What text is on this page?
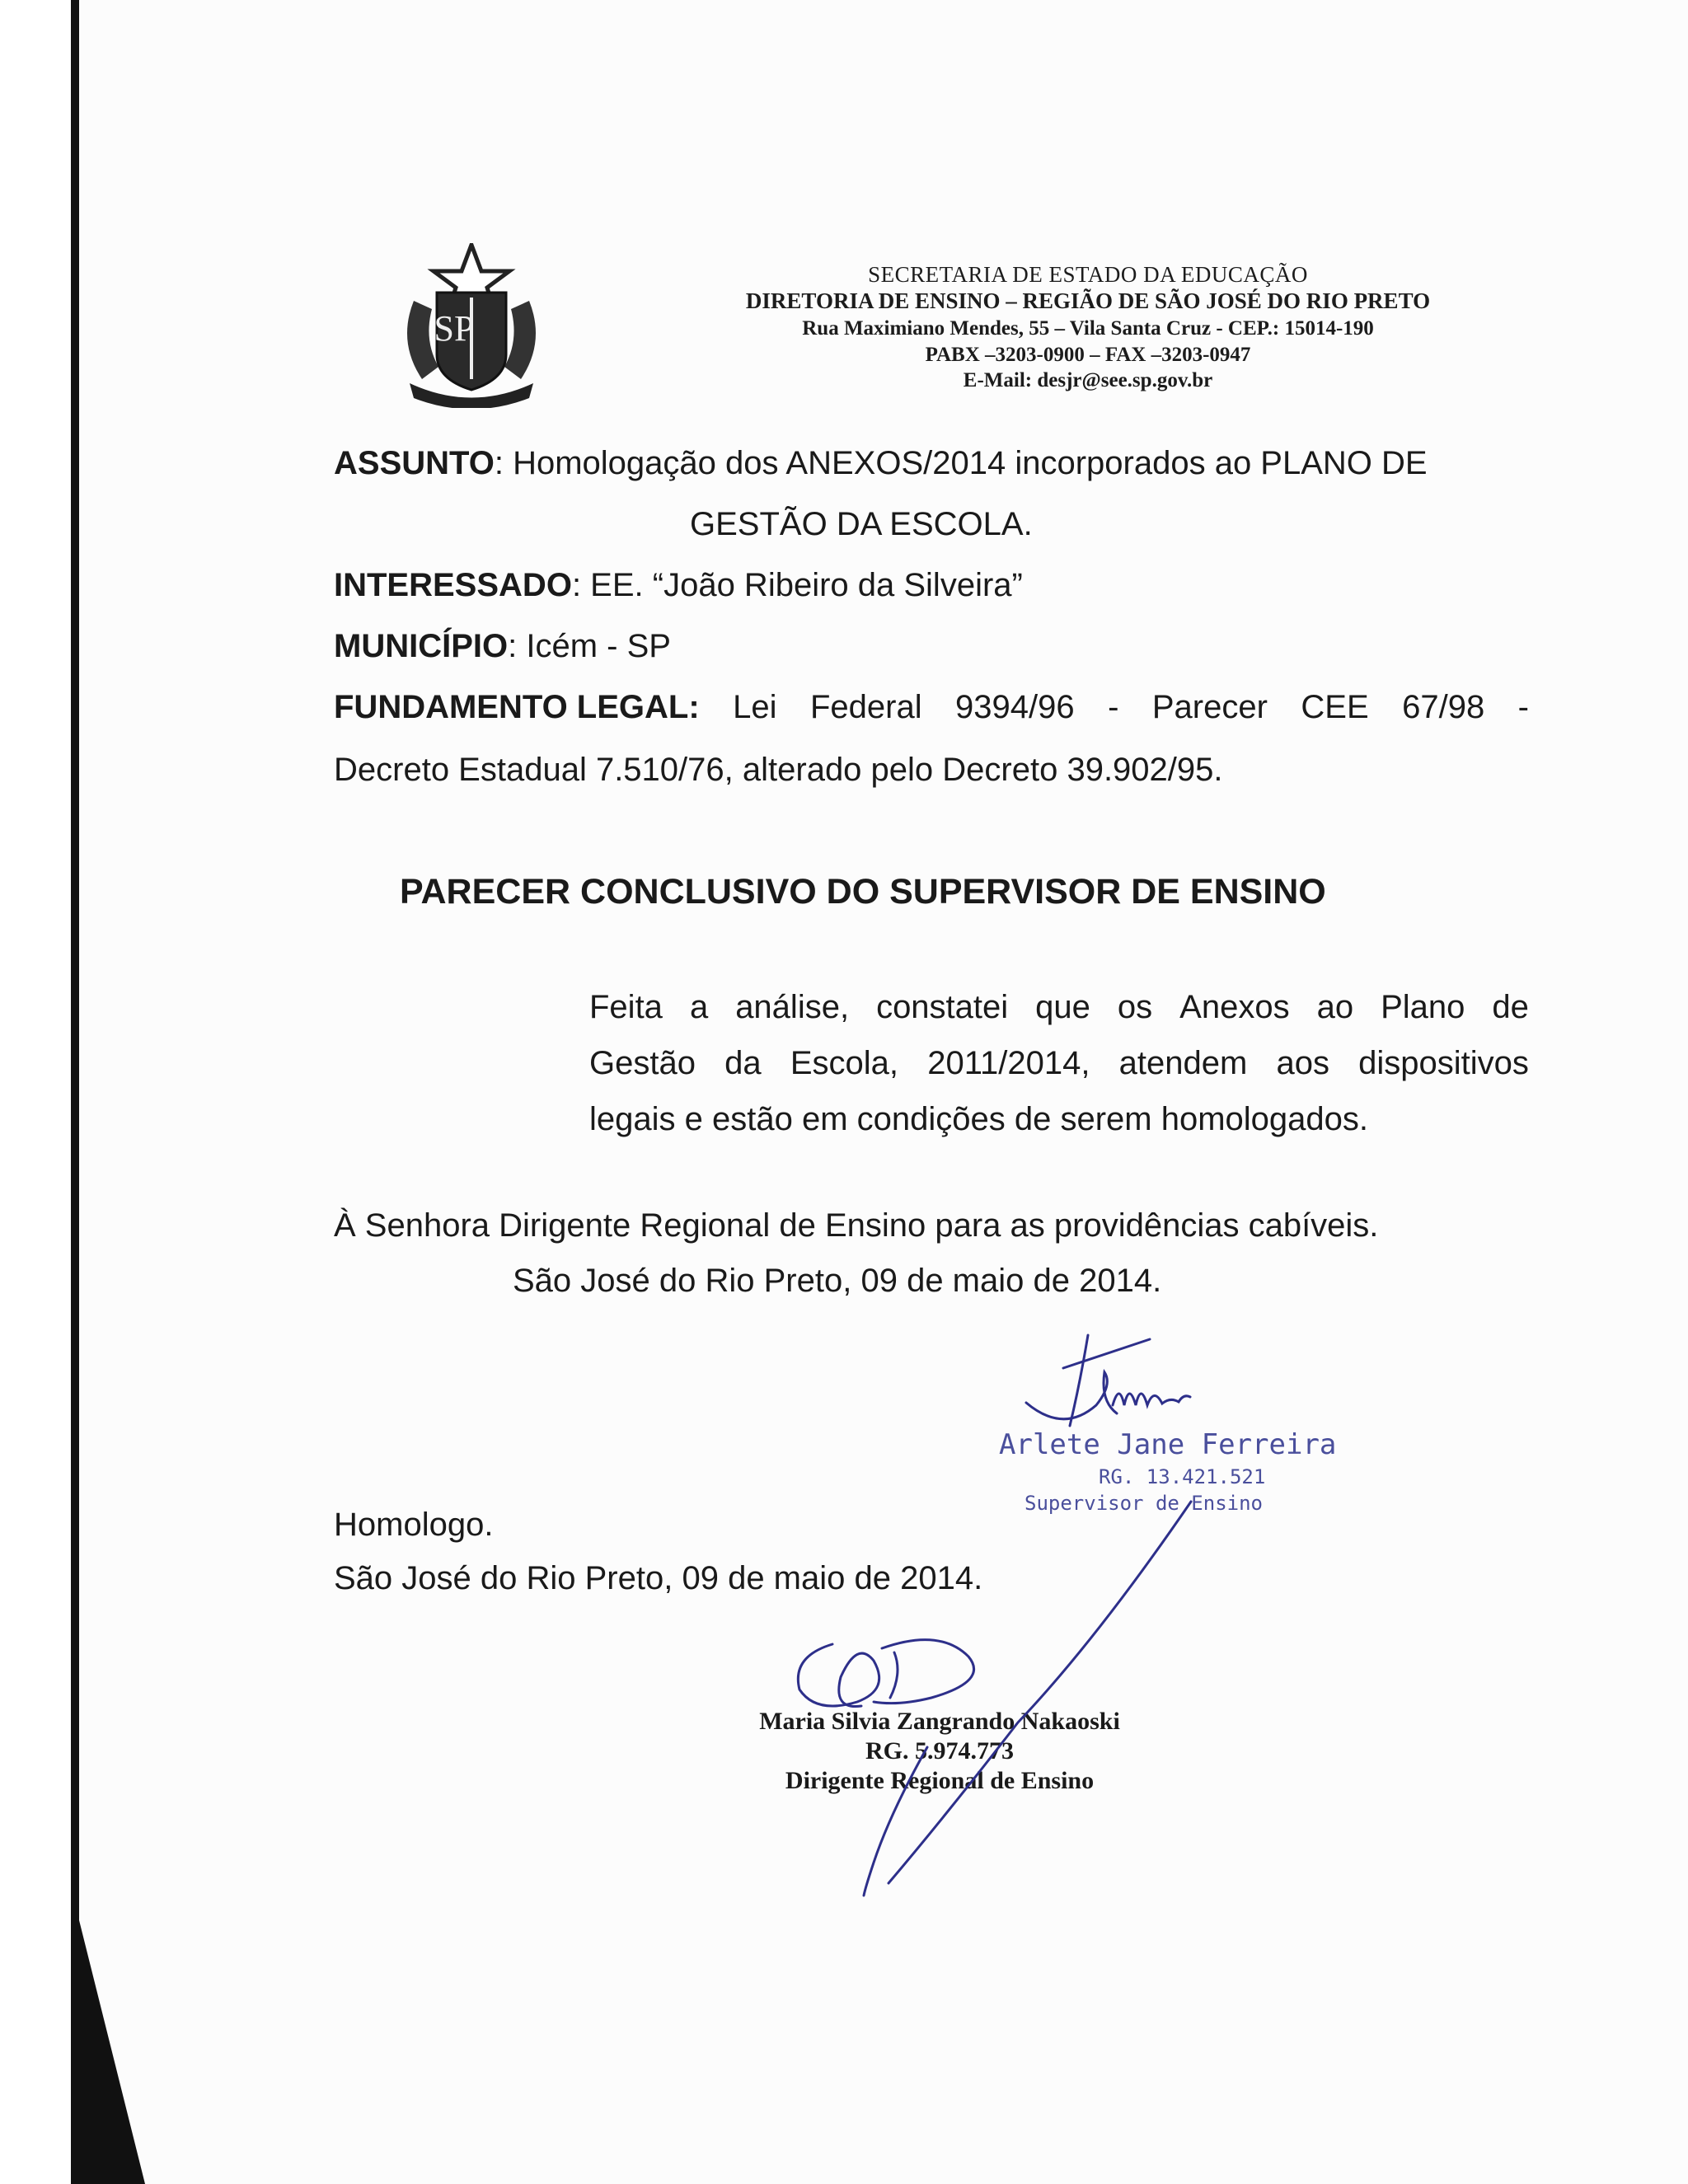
SP
SECRETARIA DE ESTADO DA EDUCAÇÃO
DIRETORIA DE ENSINO – REGIÃO DE SÃO JOSÉ DO RIO PRETO
Rua Maximiano Mendes, 55 – Vila Santa Cruz - CEP.: 15014-190
PABX –3203-0900 – FAX –3203-0947
E-Mail: desjr@see.sp.gov.br
ASSUNTO: Homologação dos ANEXOS/2014 incorporados ao PLANO DE
GESTÃO DA ESCOLA.
INTERESSADO: EE. “João Ribeiro da Silveira”
MUNICÍPIO: Icém - SP
FUNDAMENTO LEGAL: Lei Federal 9394/96 - Parecer CEE 67/98 -
Decreto Estadual 7.510/76, alterado pelo Decreto 39.902/95.
PARECER CONCLUSIVO DO SUPERVISOR DE ENSINO
Feita a análise, constatei que os Anexos ao Plano de
Gestão da Escola, 2011/2014, atendem aos dispositivos
legais e estão em condições de serem homologados.
À Senhora Dirigente Regional de Ensino para as providências cabíveis.
São José do Rio Preto, 09 de maio de 2014.
Arlete Jane Ferreira
RG. 13.421.521
Supervisor de Ensino
Homologo.
São José do Rio Preto, 09 de maio de 2014.
Maria Silvia Zangrando Nakaoski
RG. 5.974.773
Dirigente Regional de Ensino
